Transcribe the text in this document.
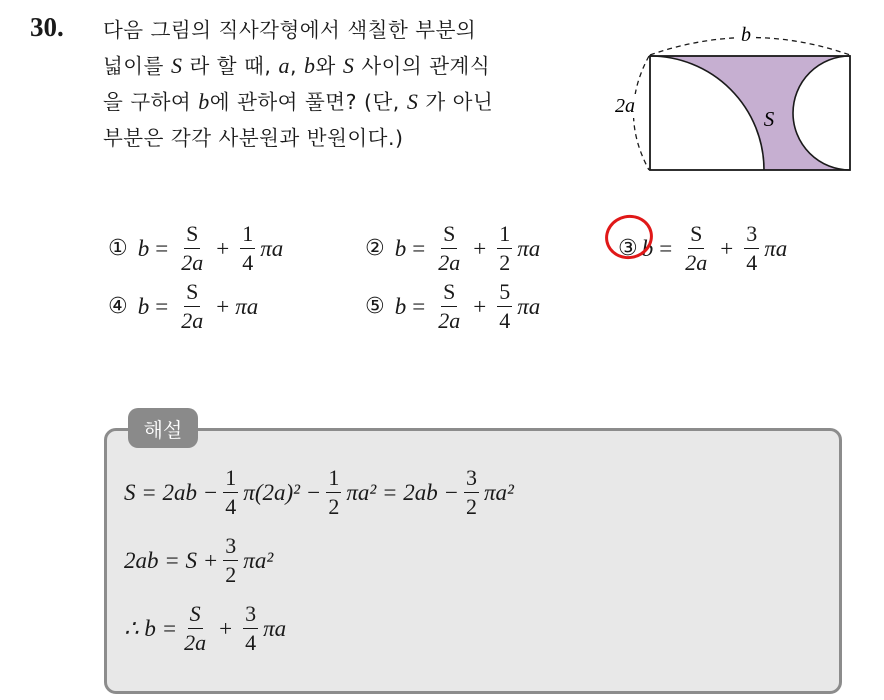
30. 다음 그림의 직사각형에서 색칠한 부분의
넓이를 S 라 할 때, a, b와 S 사이의 관계식
을 구하여 b에 관하여 풀면? (단, S 가 아닌
부분은 각각 사분원과 반원이다.)
b
2a
S
① $b = \frac{S}{2a} + \frac{1}{4}$ πa	② $b = \frac{S}{2a} + \frac{1}{2}$ πa	③ $b = \frac{S}{2a} + \frac{3}{4}$ πa
④ $b = \frac{S}{2a} + \pi a$	⑤ $b = \frac{S}{2a} + \frac{5}{4}$ πa
해설
$S = 2ab - \frac{1}{4} \pi(2a)^2 - \frac{1}{2} \pi a^2 = 2ab - \frac{3}{2} \pi a^2$
$2ab = S + \frac{3}{2} \pi a^2$
∴ $b = \frac{S}{2a} + \frac{3}{4}$ πa
